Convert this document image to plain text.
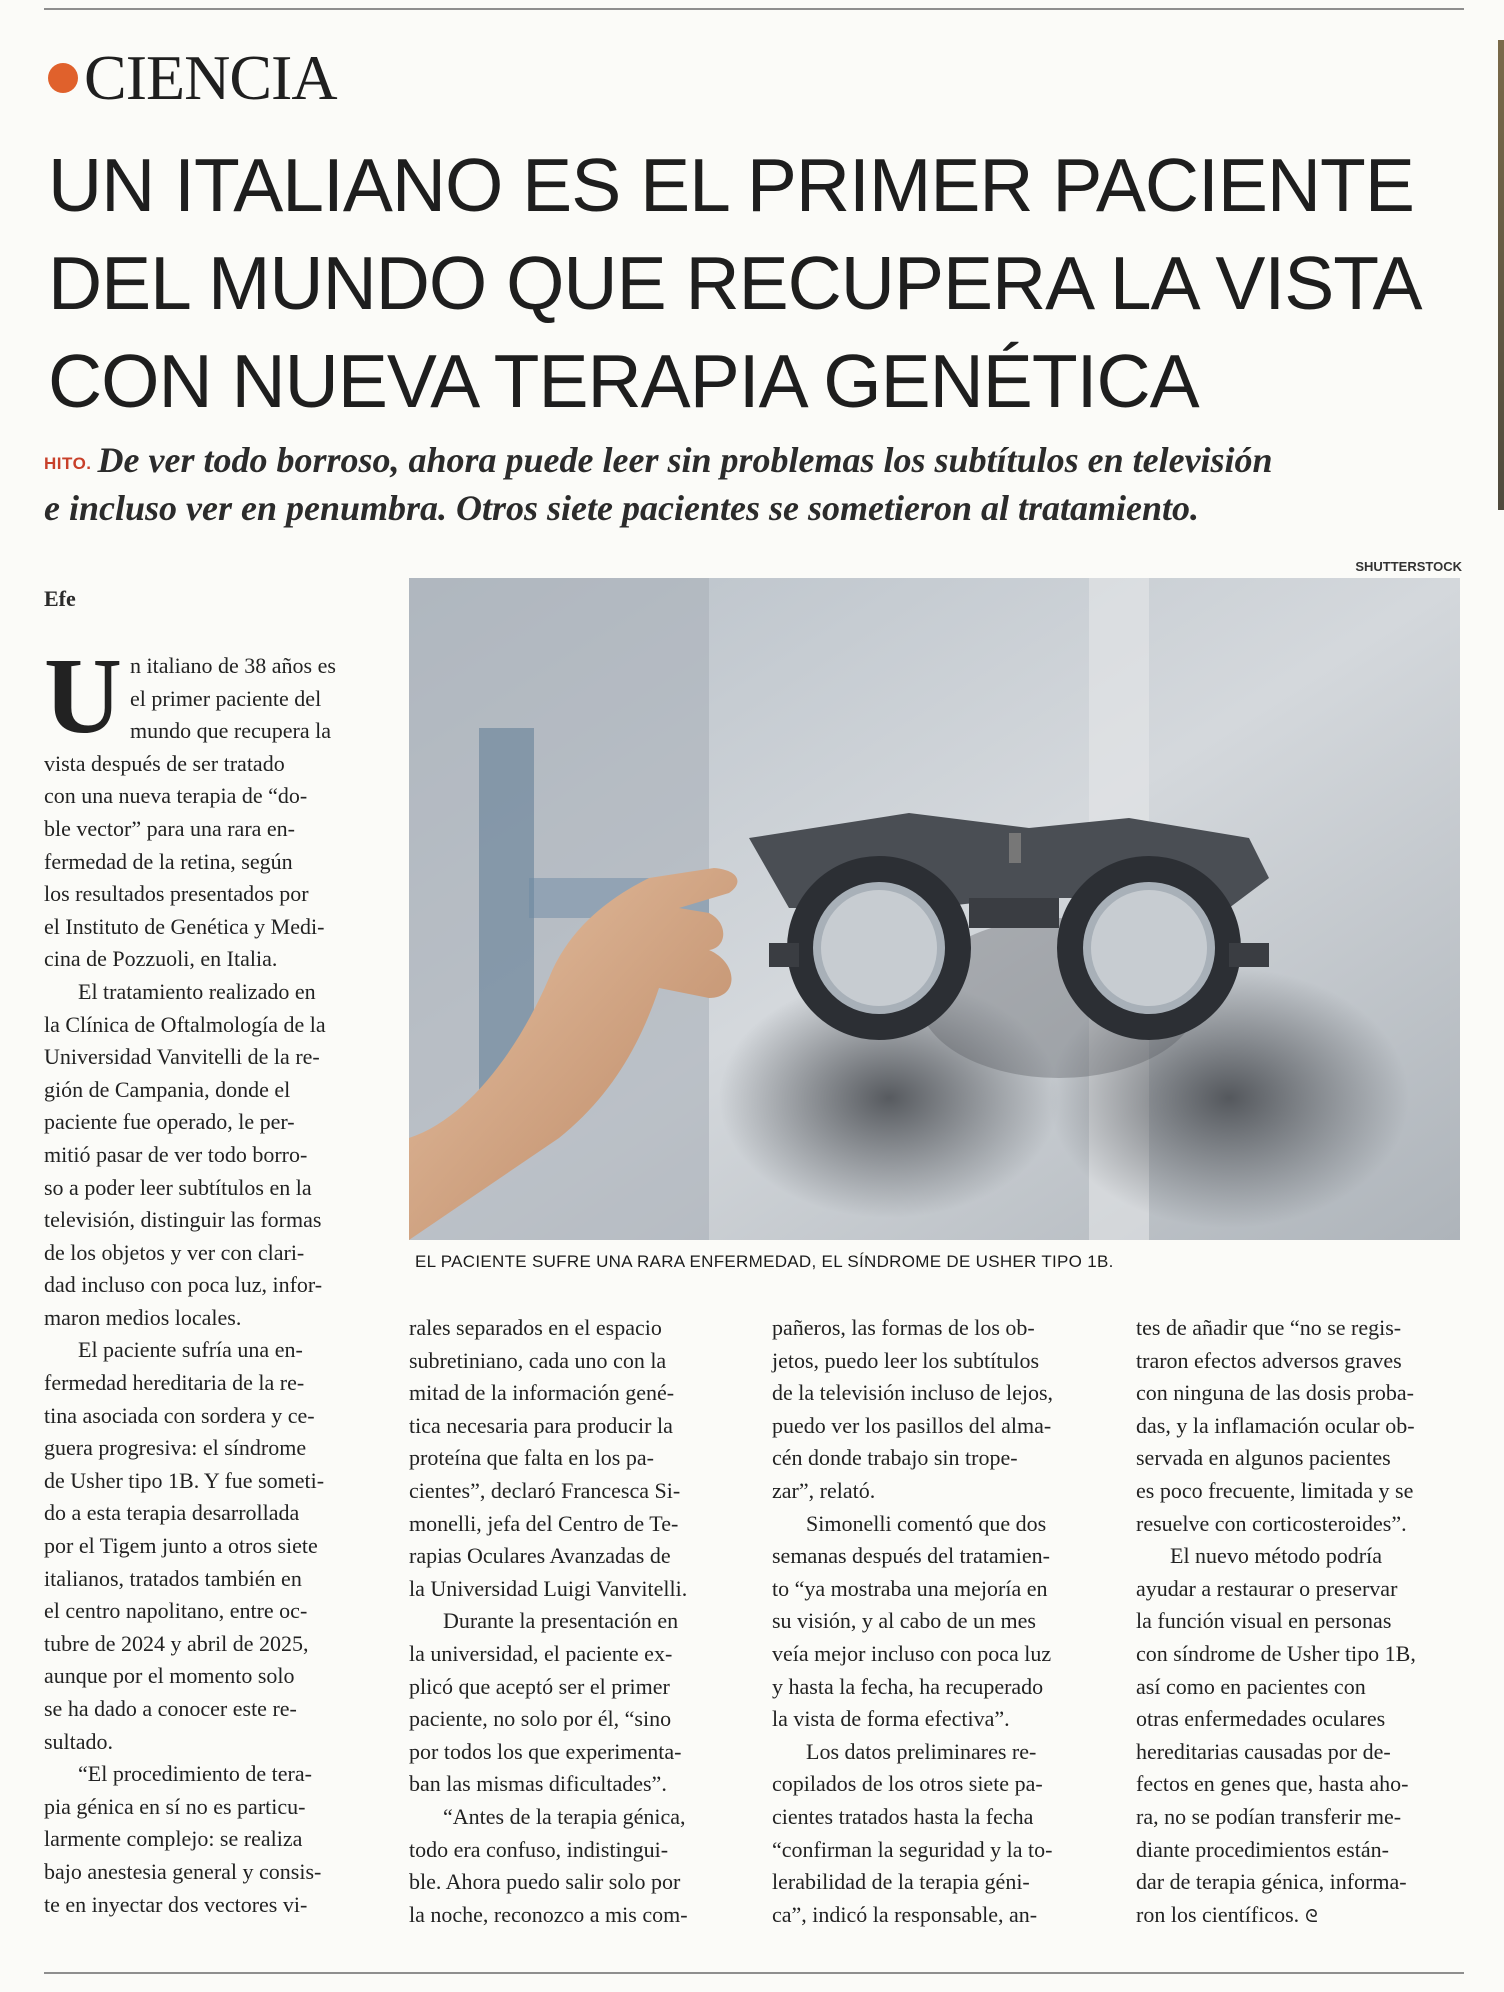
CIENCIA
UN ITALIANO ES EL PRIMER PACIENTE
DEL MUNDO QUE RECUPERA LA VISTA
CON NUEVA TERAPIA GENÉTICA
HITO. De ver todo borroso, ahora puede leer sin problemas los subtítulos en televisión
e incluso ver en penumbra. Otros siete pacientes se sometieron al tratamiento.
SHUTTERSTOCK
EL PACIENTE SUFRE UNA RARA ENFERMEDAD, EL SÍNDROME DE USHER TIPO 1B.
Efe

U n italiano de 38 años es
el primer paciente del
mundo que recupera la
vista después de ser tratado
con una nueva terapia de “do-
ble vector” para una rara en-
fermedad de la retina, según
los resultados presentados por
el Instituto de Genética y Medi-
cina de Pozzuoli, en Italia.

El tratamiento realizado en
la Clínica de Oftalmología de la
Universidad Vanvitelli de la re-
gión de Campania, donde el
paciente fue operado, le per-
mitió pasar de ver todo borro-
so a poder leer subtítulos en la
televisión, distinguir las formas
de los objetos y ver con clari-
dad incluso con poca luz, infor-
maron medios locales.

El paciente sufría una en-
fermedad hereditaria de la re-
tina asociada con sordera y ce-
guera progresiva: el síndrome
de Usher tipo 1B. Y fue someti-
do a esta terapia desarrollada
por el Tigem junto a otros siete
italianos, tratados también en
el centro napolitano, entre oc-
tubre de 2024 y abril de 2025,
aunque por el momento solo
se ha dado a conocer este re-
sultado.

“El procedimiento de tera-
pia génica en sí no es particu-
larmente complejo: se realiza
bajo anestesia general y consis-
te en inyectar dos vectores vi-

rales separados en el espacio
subretiniano, cada uno con la
mitad de la información gené-
tica necesaria para producir la
proteína que falta en los pa-
cientes”, declaró Francesca Si-
monelli, jefa del Centro de Te-
rapias Oculares Avanzadas de
la Universidad Luigi Vanvitelli.

Durante la presentación en
la universidad, el paciente ex-
plicó que aceptó ser el primer
paciente, no solo por él, “sino
por todos los que experimenta-
ban las mismas dificultades”.

“Antes de la terapia génica,
todo era confuso, indistingui-
ble. Ahora puedo salir solo por
la noche, reconozco a mis com-

pañeros, las formas de los ob-
jetos, puedo leer los subtítulos
de la televisión incluso de lejos,
puedo ver los pasillos del alma-
cén donde trabajo sin trope-
zar”, relató.

Simonelli comentó que dos
semanas después del tratamien-
to “ya mostraba una mejoría en
su visión, y al cabo de un mes
veía mejor incluso con poca luz
y hasta la fecha, ha recuperado
la vista de forma efectiva”.

Los datos preliminares re-
copilados de los otros siete pa-
cientes tratados hasta la fecha
“confirman la seguridad y la to-
lerabilidad de la terapia géni-
ca”, indicó la responsable, an-

tes de añadir que “no se regis-
traron efectos adversos graves
con ninguna de las dosis proba-
das, y la inflamación ocular ob-
servada en algunos pacientes
es poco frecuente, limitada y se
resuelve con corticosteroides”.

El nuevo método podría
ayudar a restaurar o preservar
la función visual en personas
con síndrome de Usher tipo 1B,
así como en pacientes con
otras enfermedades oculares
hereditarias causadas por de-
fectos en genes que, hasta aho-
ra, no se podían transferir me-
diante procedimientos están-
dar de terapia génica, informa-
ron los científicos. ᘓ
